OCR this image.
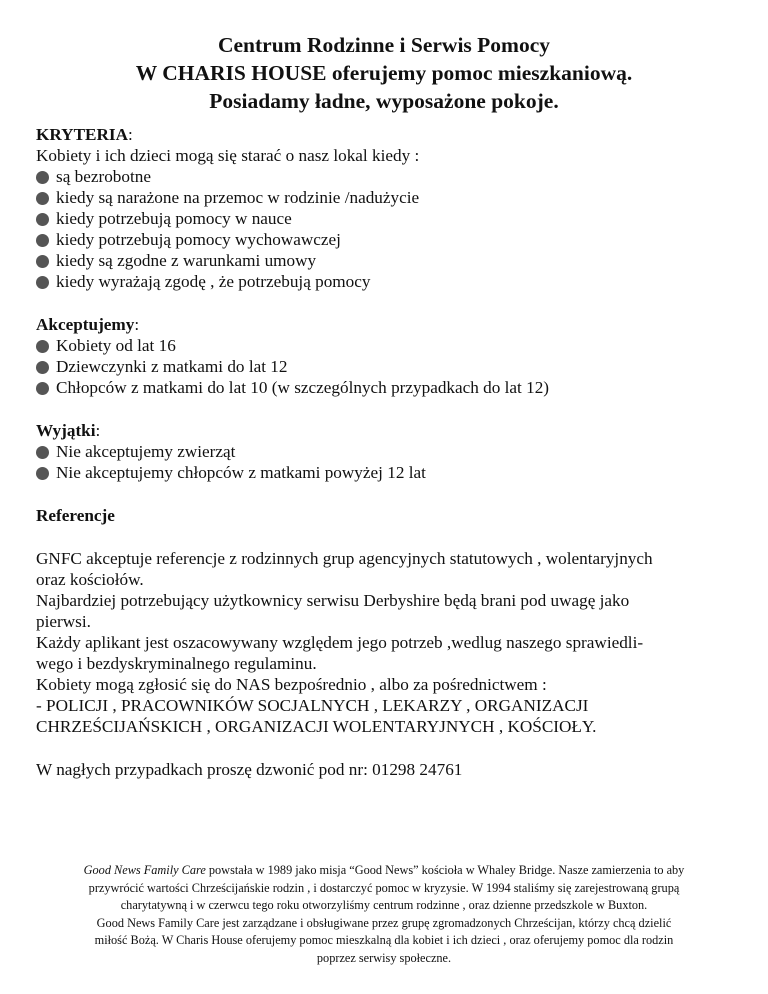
Centrum Rodzinne i Serwis Pomocy
W CHARIS HOUSE oferujemy pomoc mieszkaniową.
Posiadamy ładne, wyposażone pokoje.

KRYTERIA:

Kobiety i ich dzieci mogą się starać o nasz lokal kiedy :

są bezrobotne
kiedy są narażone na przemoc w rodzinie /nadużycie
kiedy potrzebują pomocy w nauce
kiedy potrzebują pomocy wychowawczej
kiedy są zgodne z warunkami umowy
kiedy wyrażają zgodę , że potrzebują pomocy

Akceptujemy:

Kobiety od lat 16
Dziewczynki z matkami do lat 12
Chłopców z matkami do lat 10 (w szczególnych przypadkach do lat 12)

Wyjątki:

Nie akceptujemy zwierząt
Nie akceptujemy chłopców z matkami powyżej 12 lat

Referencje

GNFC akceptuje referencje z rodzinnych grup agencyjnych statutowych , wolentaryjnych
oraz kościołów.
Najbardziej potrzebujący użytkownicy serwisu Derbyshire będą brani pod uwagę jako
pierwsi.
Każdy aplikant jest oszacowywany względem jego potrzeb ,wedlug naszego sprawiedli-
wego i bezdyskryminalnego regulaminu.
Kobiety mogą zgłosić się do NAS bezpośrednio , albo za pośrednictwem :
- POLICJI , PRACOWNIKÓW SOCJALNYCH , LEKARZY , ORGANIZACJI
CHRZEŚCIJAŃSKICH , ORGANIZACJI WOLENTARYJNYCH , KOŚCIOŁY.

W nagłych przypadkach proszę dzwonić pod nr: 01298 24761

Good News Family Care powstała w 1989 jako misja “Good News” kościoła w Whaley Bridge. Nasze zamierzenia to aby
przywrócić wartości Chrześcijańskie rodzin , i dostarczyć pomoc w kryzysie. W 1994 staliśmy się zarejestrowaną grupą
charytatywną i w czerwcu tego roku otworzyliśmy centrum rodzinne , oraz dzienne przedszkole w Buxton.
Good News Family Care jest zarządzane i obsługiwane przez grupę zgromadzonych Chrześcijan, którzy chcą dzielić
miłość Bożą. W Charis House oferujemy pomoc mieszkalną dla kobiet i ich dzieci , oraz oferujemy pomoc dla rodzin
poprzez serwisy społeczne.
